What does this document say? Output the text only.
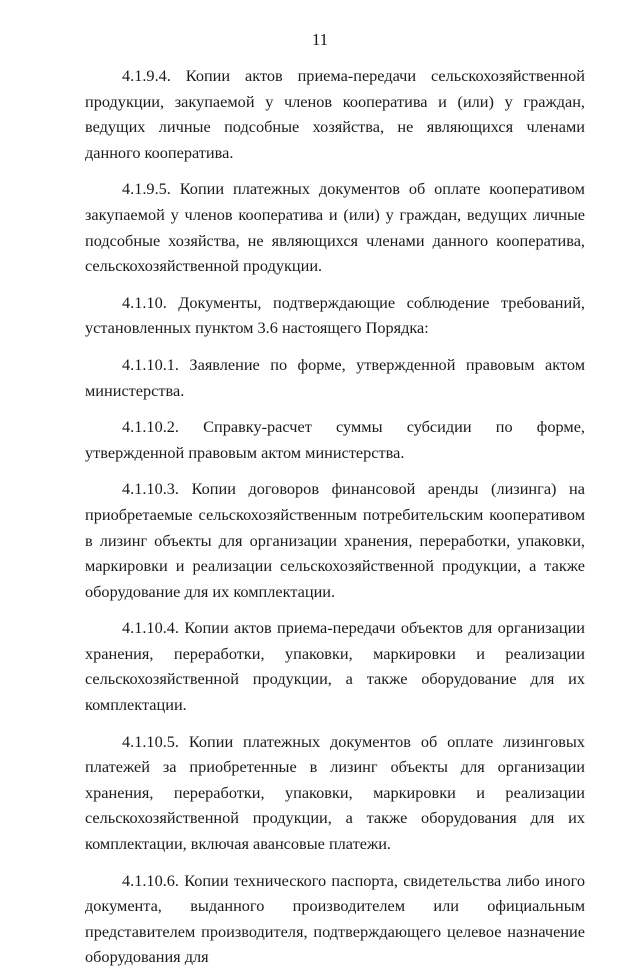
11

4.1.9.4. Копии актов приема-передачи сельскохозяйственной продукции, закупаемой у членов кооператива и (или) у граждан, ведущих личные подсобные хозяйства, не являющихся членами данного кооператива.

4.1.9.5. Копии платежных документов об оплате кооперативом закупаемой у членов кооператива и (или) у граждан, ведущих личные подсобные хозяйства, не являющихся членами данного кооператива, сельскохозяйственной продукции.

4.1.10. Документы, подтверждающие соблюдение требований, установленных пунктом 3.6 настоящего Порядка:

4.1.10.1. Заявление по форме, утвержденной правовым актом министерства.

4.1.10.2. Справку-расчет суммы субсидии по форме, утвержденной правовым актом министерства.

4.1.10.3. Копии договоров финансовой аренды (лизинга) на приобретаемые сельскохозяйственным потребительским кооперативом в лизинг объекты для организации хранения, переработки, упаковки, маркировки и реализации сельскохозяйственной продукции, а также оборудование для их комплектации.

4.1.10.4. Копии актов приема-передачи объектов для организации хранения, переработки, упаковки, маркировки и реализации сельскохозяйственной продукции, а также оборудование для их комплектации.

4.1.10.5. Копии платежных документов об оплате лизинговых платежей за приобретенные в лизинг объекты для организации хранения, переработки, упаковки, маркировки и реализации сельскохозяйственной продукции, а также оборудования для их комплектации, включая авансовые платежи.

4.1.10.6. Копии технического паспорта, свидетельства либо иного документа, выданного производителем или официальным представителем производителя, подтверждающего целевое назначение оборудования для
